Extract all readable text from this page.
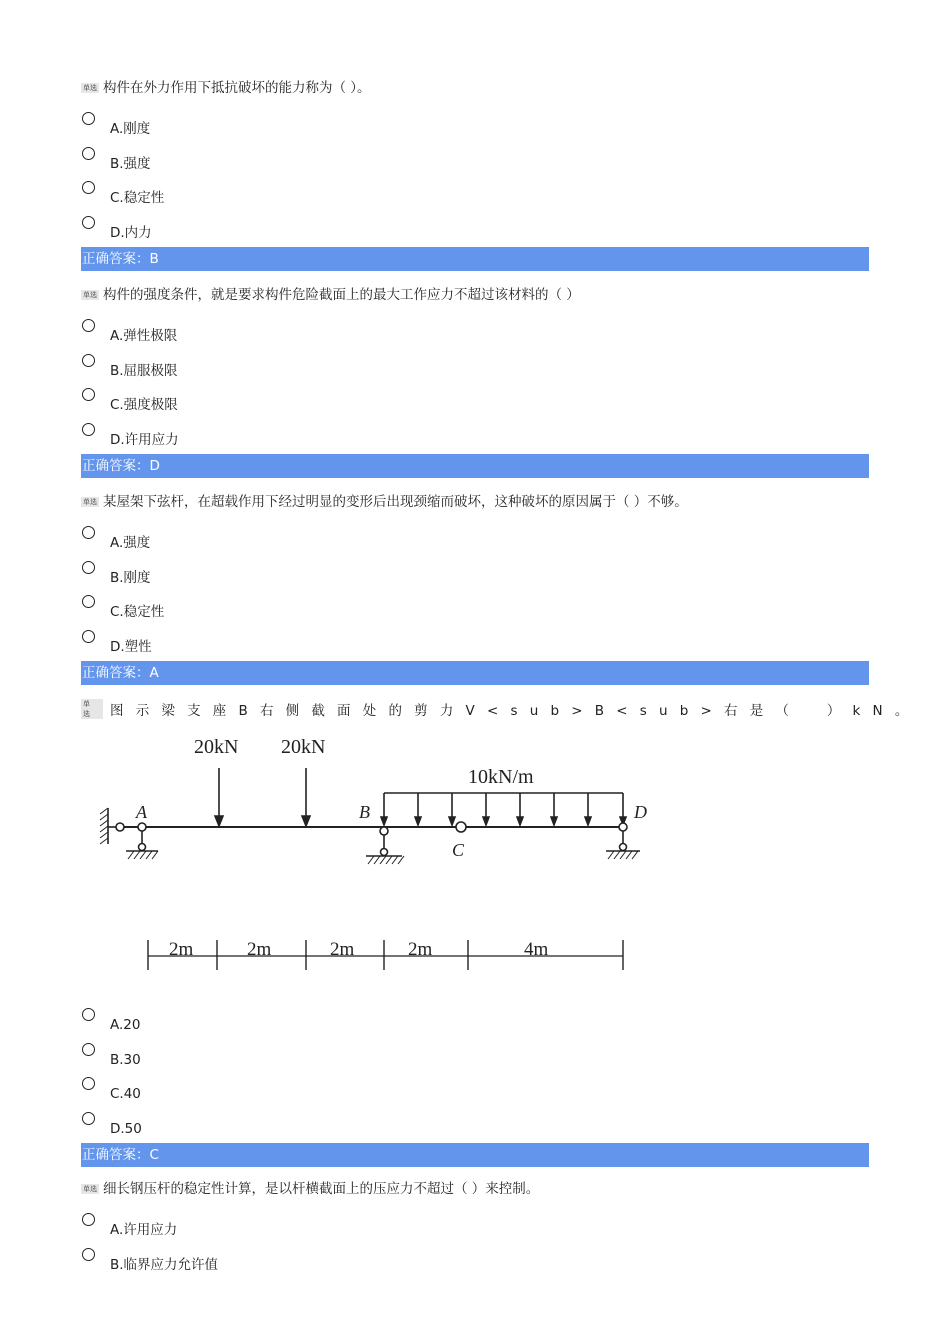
单选 构件在外力作用下抵抗破坏的能力称为（ ）。
A.刚度
B.强度
C.稳定性
D.内力
正确答案：B
单选 构件的强度条件，就是要求构件危险截面上的最大工作应力不超过该材料的（ ）
A.弹性极限
B.屈服极限
C.强度极限
D.许用应力
正确答案：D
单选 某屋架下弦杆，在超载作用下经过明显的变形后出现颈缩而破坏，这种破坏的原因属于（ ）不够。
A.强度
B.刚度
C.稳定性
D.塑性
正确答案：A
单选 图示梁支座B右侧截面处的剪力V<sub>B<sub>右是（　）kN。
20kN 20kN
10kN/m
A	B
C
D
2m	2m	2m	2m	4m
A.20
B.30
C.40
D.50
正确答案：C
单选 细长钢压杆的稳定性计算，是以杆横截面上的压应力不超过（ ）来控制。
A.许用应力
B.临界应力允许值
